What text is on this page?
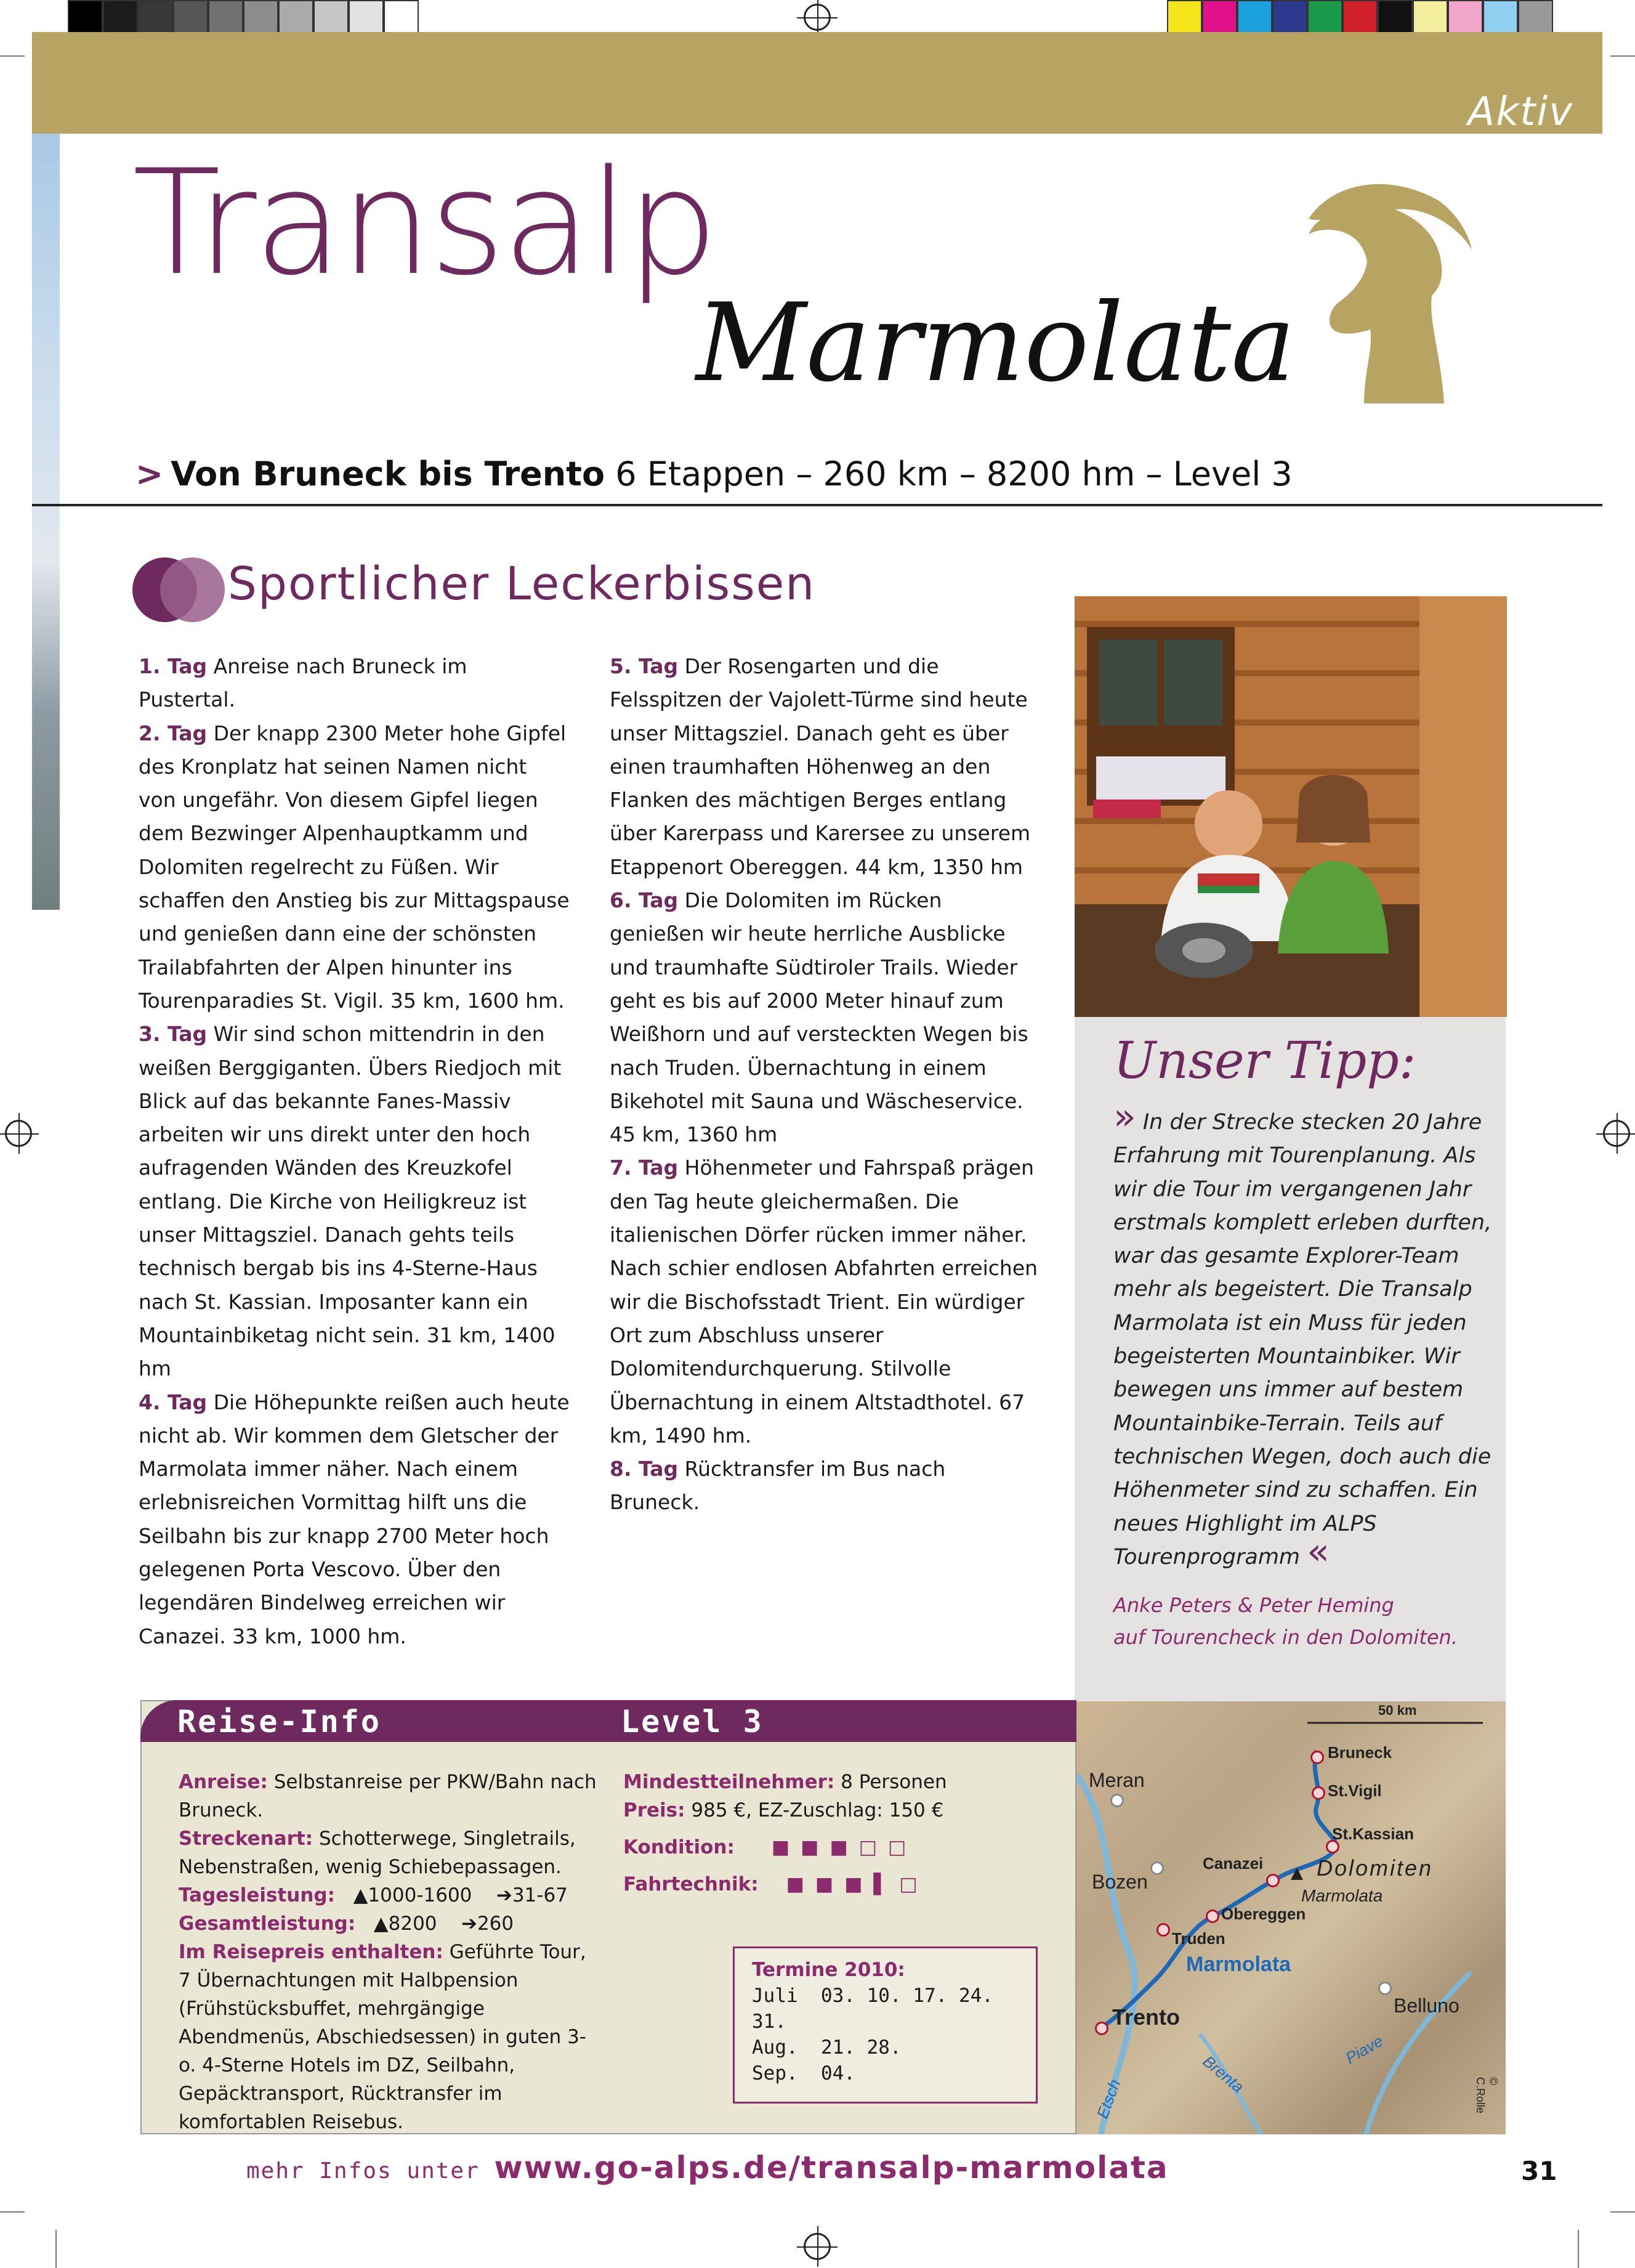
Aktiv
Transalp
Marmolata
> Von Bruneck bis Trento 6 Etappen – 260 km – 8200 hm – Level 3
Sportlicher Leckerbissen

1. Tag Anreise nach Bruneck im Pustertal.

2. Tag Der knapp 2300 Meter hohe Gipfel des Kronplatz hat seinen Namen nicht von ungefähr. Von diesem Gipfel liegen dem Bezwinger Alpenhauptkamm und Dolomiten regelrecht zu Füßen. Wir schaffen den Anstieg bis zur Mittagspause und genießen dann eine der schönsten Trailabfahrten der Alpen hinunter ins Tourenparadies St. Vigil. 35 km, 1600 hm.

3. Tag Wir sind schon mittendrin in den weißen Berggiganten. Übers Riedjoch mit Blick auf das bekannte Fanes-Massiv arbeiten wir uns direkt unter den hoch aufragenden Wänden des Kreuzkofel entlang. Die Kirche von Heiligkreuz ist unser Mittagsziel. Danach gehts teils technisch bergab bis ins 4-Sterne-Haus nach St. Kassian. Imposanter kann ein Mountainbiketag nicht sein. 31 km, 1400 hm

4. Tag Die Höhepunkte reißen auch heute nicht ab. Wir kommen dem Gletscher der Marmolata immer näher. Nach einem erlebnisreichen Vormittag hilft uns die Seilbahn bis zur knapp 2700 Meter hoch gelegenen Porta Vescovo. Über den legendären Bindelweg erreichen wir Canazei. 33 km, 1000 hm.

5. Tag Der Rosengarten und die Felsspitzen der Vajolett-Türme sind heute unser Mittagsziel. Danach geht es über einen traumhaften Höhenweg an den Flanken des mächtigen Berges entlang über Karerpass und Karersee zu unserem Etappenort Obereggen. 44 km, 1350 hm

6. Tag Die Dolomiten im Rücken genießen wir heute herrliche Ausblicke und traumhafte Südtiroler Trails. Wieder geht es bis auf 2000 Meter hinauf zum Weißhorn und auf versteckten Wegen bis nach Truden. Übernachtung in einem Bikehotel mit Sauna und Wäscheservice. 45 km, 1360 hm

7. Tag Höhenmeter und Fahrspaß prägen den Tag heute gleichermaßen. Die italienischen Dörfer rücken immer näher. Nach schier endlosen Abfahrten erreichen wir die Bischofsstadt Trient. Ein würdiger Ort zum Abschluss unserer Dolomitendurchquerung. Stilvolle Übernachtung in einem Altstadthotel. 67 km, 1490 hm.

8. Tag Rücktransfer im Bus nach Bruneck.

Unser Tipp:
» In der Strecke stecken 20 Jahre Erfahrung mit Tourenplanung. Als wir die Tour im vergangenen Jahr erstmals komplett erleben durften, war das gesamte Explorer-Team mehr als begeistert. Die Transalp Marmolata ist ein Muss für jeden begeisterten Mountainbiker. Wir bewegen uns immer auf bestem Mountainbike-Terrain. Teils auf technischen Wegen, doch auch die Höhenmeter sind zu schaffen. Ein neues Highlight im ALPS Tourenprogramm «
Anke Peters & Peter Heming
auf Tourencheck in den Dolomiten.
Reise-Info	Level 3
Anreise: Selbstanreise per PKW/Bahn nach Bruneck.
Streckenart: Schotterwege, Singletrails, Nebenstraßen, wenig Schiebepassagen.
Tagesleistung: ▲1000-1600 ➔31-67
Gesamtleistung: ▲8200 ➔260
Im Reisepreis enthalten: Geführte Tour, 7 Übernachtungen mit Halbpension (Frühstücksbuffet, mehrgängige Abendmenüs, Abschiedsessen) in guten 3- o. 4-Sterne Hotels im DZ, Seilbahn, Gepäcktransport, Rücktransfer im komfortablen Reisebus.
Mindestteilnehmer: 8 Personen
Preis: 985 €, EZ-Zuschlag: 150 €
Kondition: ■■■□□
Fahrtechnik: ■■■▌□
Termine 2010:
Juli 03. 10. 17. 24. 31.
Aug. 21. 28.
Sep. 04.
50 km
Bruneck
St.Vigil
St.Kassian
Meran
Bozen
Canazei Dolomiten
Marmolata
Obereggen
Truden
Marmolata
Trento	Belluno
Etsch
Brenta
Piave
© C.Rolle
mehr Infos unter www.go-alps.de/transalp-marmolata	31
